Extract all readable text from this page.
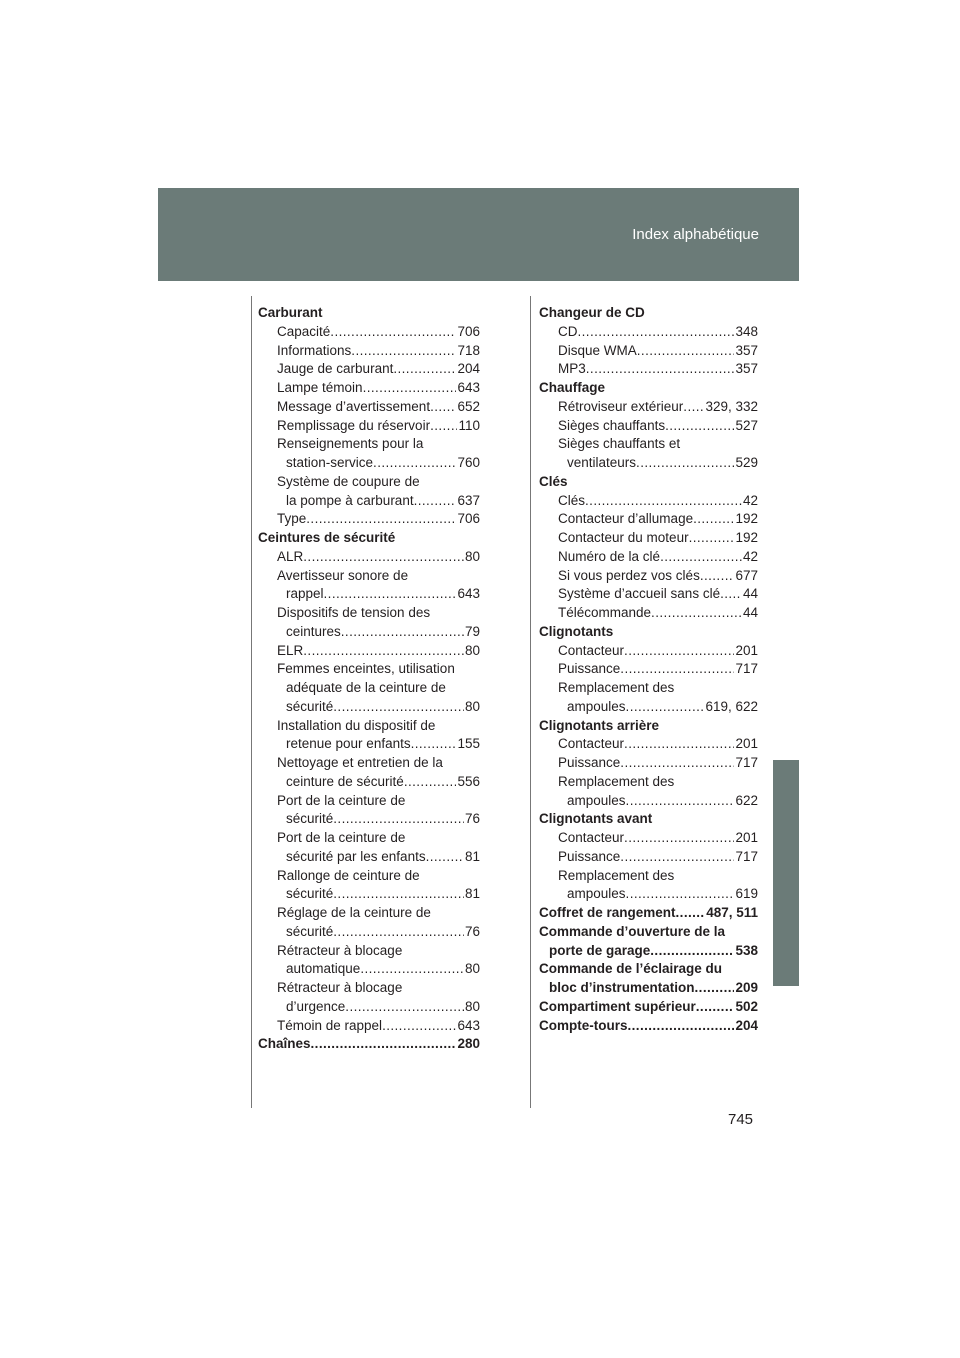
Index alphabétique
Carburant
Capacité .....	706
Informations .....	718
Jauge de carburant .....	204
Lampe témoin .....	643
Message d’avertissement ..... 652
Remplissage du réservoir ..... 110
Renseignements pour la
station-service .....	760
Système de coupure de
la pompe à carburant .....	637
Type .....	706
Ceintures de sécurité
ALR .....	80
Avertisseur sonore de
rappel .....	643
Dispositifs de tension des
ceintures .....	79
ELR .....	80
Femmes enceintes, utilisation
adéquate de la ceinture de
sécurité .....	80
Installation du dispositif de
retenue pour enfants .....	155
Nettoyage et entretien de la
ceinture de sécurité .....	556
Port de la ceinture de
sécurité .....	76
Port de la ceinture de
sécurité par les enfants .....	81
Rallonge de ceinture de
sécurité .....	81
Réglage de la ceinture de
sécurité .....	76
Rétracteur à blocage
automatique .....	80
Rétracteur à blocage
d’urgence .....	80
Témoin de rappel .....	643
Chaînes .....	280
Changeur de CD
CD .....	348
Disque WMA .....	357
MP3 .....	357
Chauffage
Rétroviseur extérieur ..... 329, 332
Sièges chauffants .....	527
Sièges chauffants et
ventilateurs .....	529
Clés
Clés .....	42
Contacteur d’allumage .....	192
Contacteur du moteur .....	192
Numéro de la clé .....	42
Si vous perdez vos clés .....	677
Système d’accueil sans clé ..... 44
Télécommande .....	44
Clignotants
Contacteur .....	201
Puissance .....	717
Remplacement des
ampoules .....	619, 622
Clignotants arrière
Contacteur .....	201
Puissance .....	717
Remplacement des
ampoules .....	622
Clignotants avant
Contacteur .....	201
Puissance .....	717
Remplacement des
ampoules .....	619
Coffret de rangement ..... 487, 511
Commande d’ouverture de la
porte de garage .....	538
Commande de l’éclairage du
bloc d’instrumentation .....	209
Compartiment supérieur .....	502
Compte-tours .....	204
745
